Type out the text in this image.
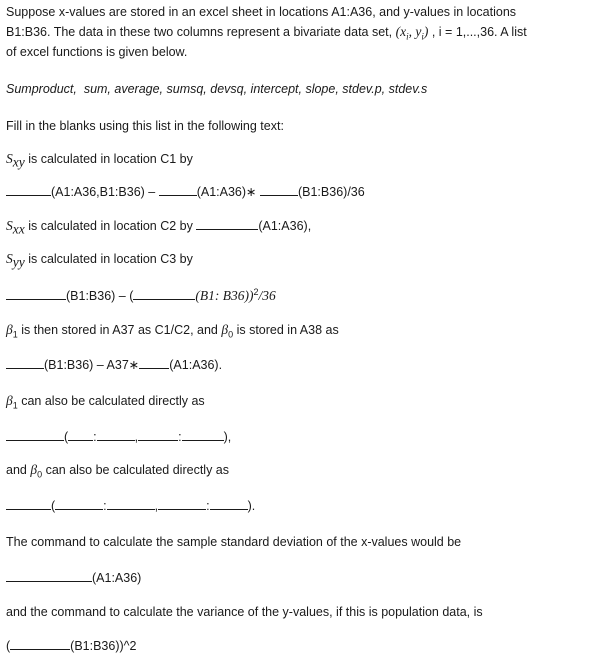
Suppose x-values are stored in an excel sheet in locations A1:A36, and y-values in locations
B1:B36. The data in these two columns represent a bivariate data set, ($x_i$, $y_i$) , i = 1,...,36. A list
of excel functions is given below.
Sumproduct,  sum, average, sumsq, devsq, intercept, slope, stdev.p, stdev.s
Fill in the blanks using this list in the following text:
$S_{xy}$ is calculated in location C1 by
(A1:A36,B1:B36) –	(A1:A36)∗	(B1:B36)/36
$S_{xx}$ is calculated in location C2 by	(A1:A36),
$S_{yy}$ is calculated in location C3 by
(B1:B36) – (	(B1: B36))$^2$/36
$\beta_1$ is then stored in A37 as C1/C2, and $\beta_0$ is stored in A38 as
(B1:B36) – A37∗ (A1:A36).
$\beta_1$ can also be calculated directly as
( :	,	:	),
and $\beta_0$ can also be calculated directly as
(	:	,	:	).
The command to calculate the sample standard deviation of the x-values would be
(A1:A36)
and the command to calculate the variance of the y-values, if this is population data, is
(	(B1:B36))^2
